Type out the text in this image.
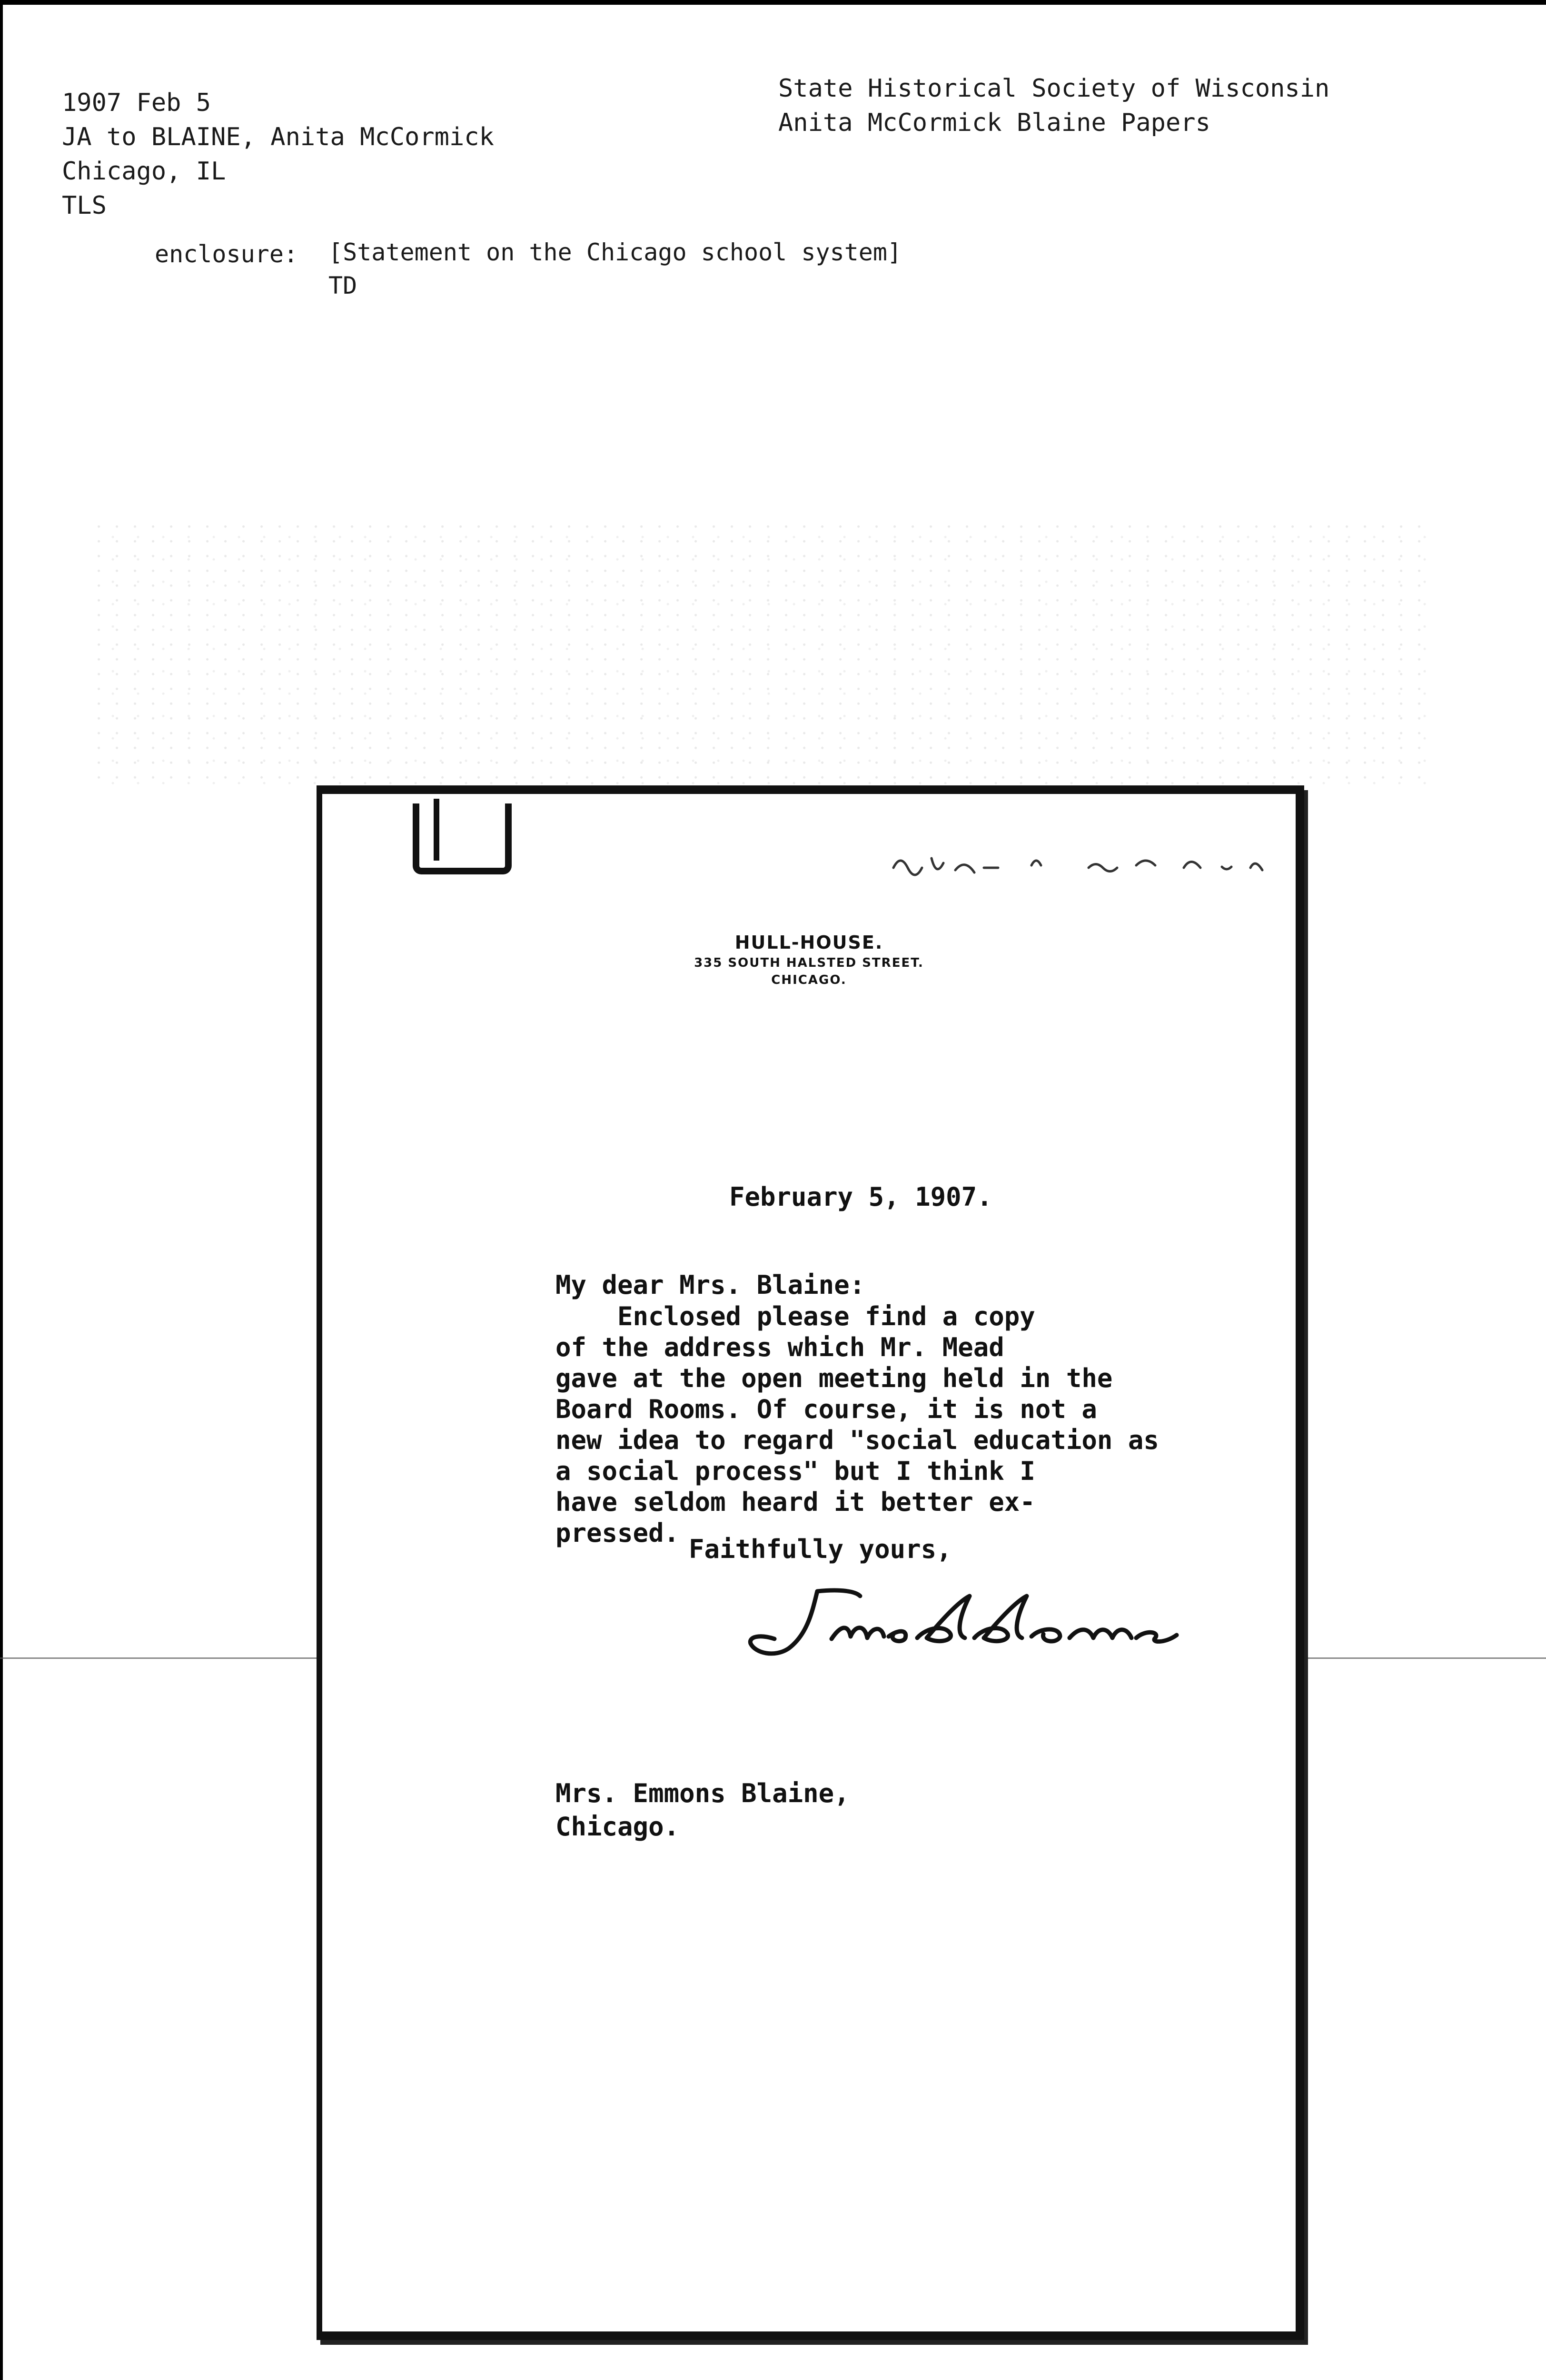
1907 Feb 5
JA to BLAINE, Anita McCormick
Chicago, IL
TLS
State Historical Society of Wisconsin
Anita McCormick Blaine Papers
enclosure: [Statement on the Chicago school system]
TD
HULL-HOUSE.
335 SOUTH HALSTED STREET.
CHICAGO.
February 5, 1907.
My dear Mrs. Blaine:
Enclosed please find a copy
of the address which Mr. Mead
gave at the open meeting held in the
Board Rooms. Of course, it is not a
new idea to regard "social education as
a social process" but I think I
have seldom heard it better ex-
pressed.
Faithfully yours,
Mrs. Emmons Blaine,
Chicago.
